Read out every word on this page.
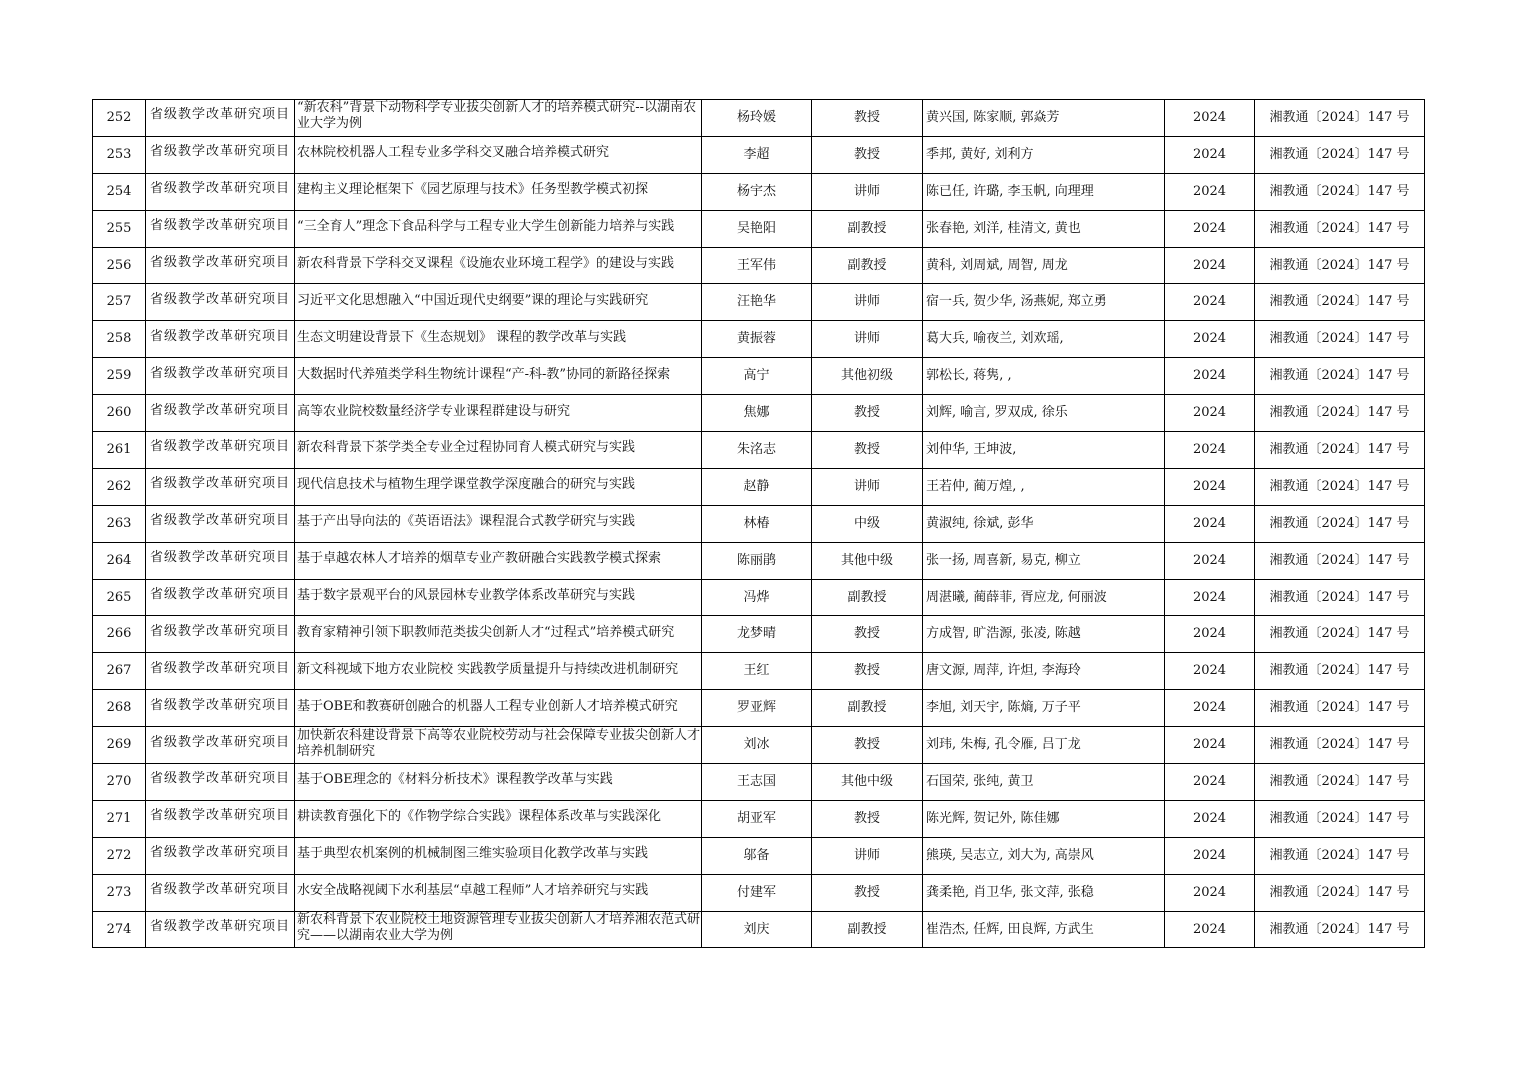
252	省级教学改革研究项目	“新农科”背景下动物科学专业拔尖创新人才的培养模式研究--以湖南农业大学为例	杨玲媛	教授	黄兴国, 陈家顺, 郭焱芳	2024	湘教通〔2024〕147 号
253	省级教学改革研究项目	农林院校机器人工程专业多学科交叉融合培养模式研究	李超	教授	季邦, 黄好, 刘利方	2024	湘教通〔2024〕147 号
254	省级教学改革研究项目	建构主义理论框架下《园艺原理与技术》任务型教学模式初探	杨宇杰	讲师	陈已任, 许璐, 李玉帆, 向理理	2024	湘教通〔2024〕147 号
255	省级教学改革研究项目	“三全育人”理念下食品科学与工程专业大学生创新能力培养与实践	吴艳阳	副教授	张春艳, 刘洋, 桂清文, 黄也	2024	湘教通〔2024〕147 号
256	省级教学改革研究项目	新农科背景下学科交叉课程《设施农业环境工程学》的建设与实践	王军伟	副教授	黄科, 刘周斌, 周智, 周龙	2024	湘教通〔2024〕147 号
257	省级教学改革研究项目	习近平文化思想融入“中国近现代史纲要”课的理论与实践研究	汪艳华	讲师	宿一兵, 贺少华, 汤燕妮, 郑立勇	2024	湘教通〔2024〕147 号
258	省级教学改革研究项目	生态文明建设背景下《生态规划》 课程的教学改革与实践	黄振蓉	讲师	葛大兵, 喻夜兰, 刘欢瑶,	2024	湘教通〔2024〕147 号
259	省级教学改革研究项目	大数据时代养殖类学科生物统计课程“产-科-教”协同的新路径探索	高宁	其他初级	郭松长, 蒋隽, ,	2024	湘教通〔2024〕147 号
260	省级教学改革研究项目	高等农业院校数量经济学专业课程群建设与研究	焦娜	教授	刘辉, 喻言, 罗双成, 徐乐	2024	湘教通〔2024〕147 号
261	省级教学改革研究项目	新农科背景下茶学类全专业全过程协同育人模式研究与实践	朱洺志	教授	刘仲华, 王坤波,	2024	湘教通〔2024〕147 号
262	省级教学改革研究项目	现代信息技术与植物生理学课堂教学深度融合的研究与实践	赵静	讲师	王若仲, 蔺万煌, ,	2024	湘教通〔2024〕147 号
263	省级教学改革研究项目	基于产出导向法的《英语语法》课程混合式教学研究与实践	林椿	中级	黄淑纯, 徐斌, 彭华	2024	湘教通〔2024〕147 号
264	省级教学改革研究项目	基于卓越农林人才培养的烟草专业产教研融合实践教学模式探索	陈丽鹃	其他中级	张一扬, 周喜新, 易克, 柳立	2024	湘教通〔2024〕147 号
265	省级教学改革研究项目	基于数字景观平台的风景园林专业教学体系改革研究与实践	冯烨	副教授	周湛曦, 蔺薛菲, 胥应龙, 何丽波	2024	湘教通〔2024〕147 号
266	省级教学改革研究项目	教育家精神引领下职教师范类拔尖创新人才“过程式”培养模式研究	龙梦晴	教授	方成智, 旷浩源, 张凌, 陈越	2024	湘教通〔2024〕147 号
267	省级教学改革研究项目	新文科视域下地方农业院校 实践教学质量提升与持续改进机制研究	王红	教授	唐文源, 周萍, 许炟, 李海玲	2024	湘教通〔2024〕147 号
268	省级教学改革研究项目	基于OBE和教赛研创融合的机器人工程专业创新人才培养模式研究	罗亚辉	副教授	李旭, 刘天宇, 陈熵, 万子平	2024	湘教通〔2024〕147 号
269	省级教学改革研究项目	加快新农科建设背景下高等农业院校劳动与社会保障专业拔尖创新人才培养机制研究	刘冰	教授	刘玮, 朱梅, 孔令雁, 吕丁龙	2024	湘教通〔2024〕147 号
270	省级教学改革研究项目	基于OBE理念的《材料分析技术》课程教学改革与实践	王志国	其他中级	石国荣, 张纯, 黄卫	2024	湘教通〔2024〕147 号
271	省级教学改革研究项目	耕读教育强化下的《作物学综合实践》课程体系改革与实践深化	胡亚军	教授	陈光辉, 贺记外, 陈佳娜	2024	湘教通〔2024〕147 号
272	省级教学改革研究项目	基于典型农机案例的机械制图三维实验项目化教学改革与实践	邬备	讲师	熊瑛, 吴志立, 刘大为, 高崇风	2024	湘教通〔2024〕147 号
273	省级教学改革研究项目	水安全战略视阈下水利基层“卓越工程师”人才培养研究与实践	付建军	教授	龚柔艳, 肖卫华, 张文萍, 张稳	2024	湘教通〔2024〕147 号
274	省级教学改革研究项目	新农科背景下农业院校土地资源管理专业拔尖创新人才培养湘农范式研究——以湖南农业大学为例	刘庆	副教授	崔浩杰, 任辉, 田良辉, 方武生	2024	湘教通〔2024〕147 号
